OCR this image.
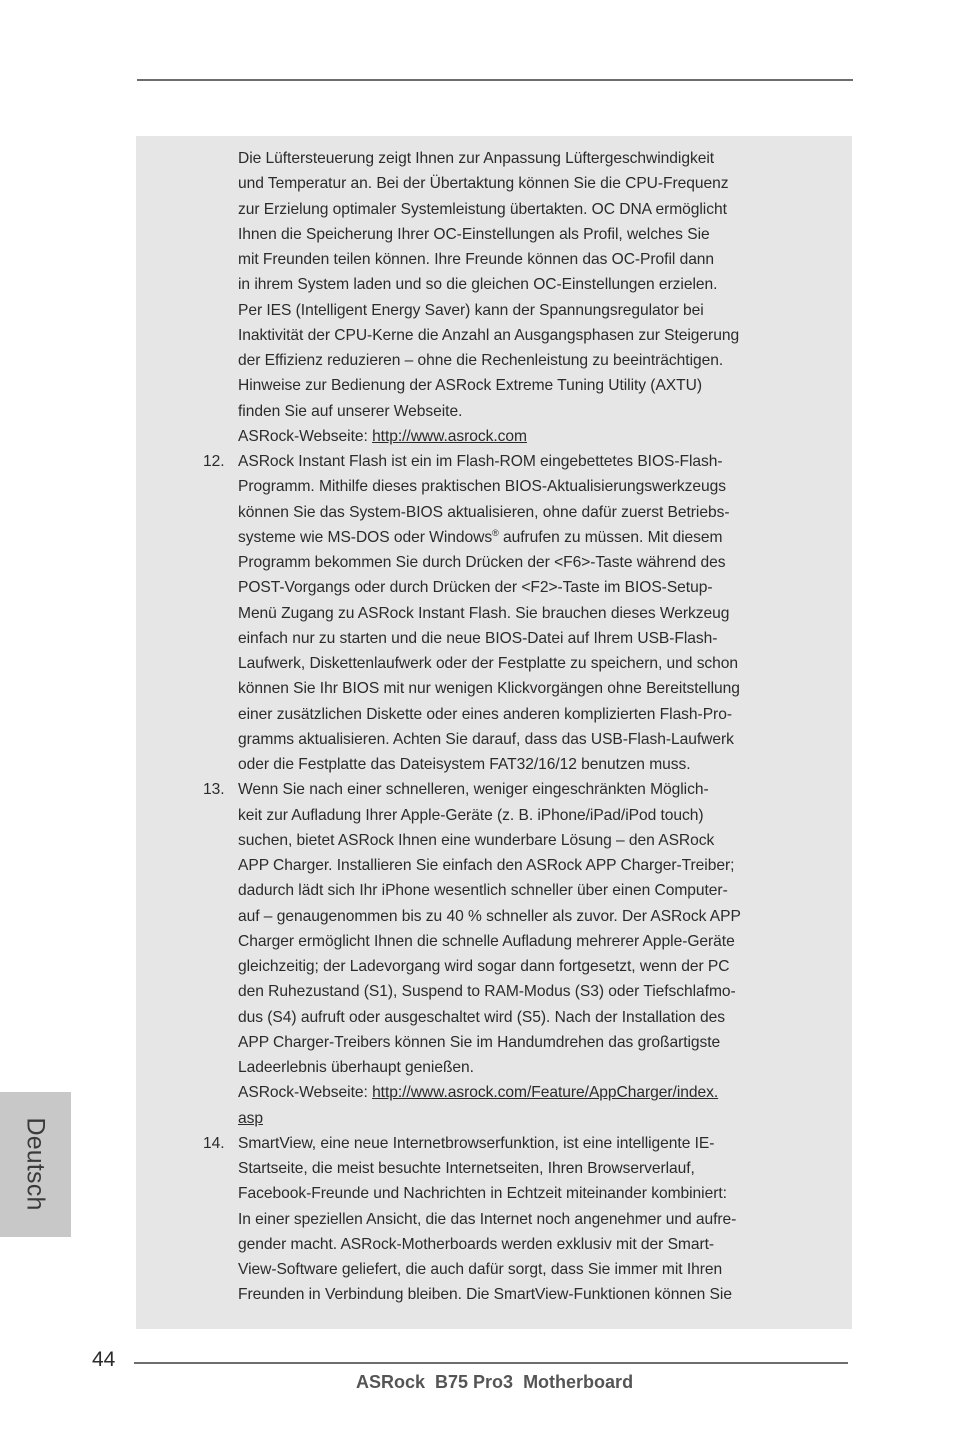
Die Lüftersteuerung zeigt Ihnen zur Anpassung Lüftergeschwindigkeit
und Temperatur an. Bei der Übertaktung können Sie die CPU-Frequenz
zur Erzielung optimaler Systemleistung übertakten. OC DNA ermöglicht
Ihnen die Speicherung Ihrer OC-Einstellungen als Profil, welches Sie
mit Freunden teilen können. Ihre Freunde können das OC-Profil dann
in ihrem System laden und so die gleichen OC-Einstellungen erzielen.
Per IES (Intelligent Energy Saver) kann der Spannungsregulator bei
Inaktivität der CPU-Kerne die Anzahl an Ausgangsphasen zur Steigerung
der Effizienz reduzieren – ohne die Rechenleistung zu beeinträchtigen.
Hinweise zur Bedienung der ASRock Extreme Tuning Utility (AXTU)
finden Sie auf unserer Webseite.
ASRock-Webseite: http://www.asrock.com
12. ASRock Instant Flash ist ein im Flash-ROM eingebettetes BIOS-Flash-
Programm. Mithilfe dieses praktischen BIOS-Aktualisierungswerkzeugs
können Sie das System-BIOS aktualisieren, ohne dafür zuerst Betriebs-
systeme wie MS-DOS oder Windows® aufrufen zu müssen. Mit diesem
Programm bekommen Sie durch Drücken der <F6>-Taste während des
POST-Vorgangs oder durch Drücken der <F2>-Taste im BIOS-Setup-
Menü Zugang zu ASRock Instant Flash. Sie brauchen dieses Werkzeug
einfach nur zu starten und die neue BIOS-Datei auf Ihrem USB-Flash-
Laufwerk, Diskettenlaufwerk oder der Festplatte zu speichern, und schon
können Sie Ihr BIOS mit nur wenigen Klickvorgängen ohne Bereitstellung
einer zusätzlichen Diskette oder eines anderen komplizierten Flash-Pro-
gramms aktualisieren. Achten Sie darauf, dass das USB-Flash-Laufwerk
oder die Festplatte das Dateisystem FAT32/16/12 benutzen muss.
13. Wenn Sie nach einer schnelleren, weniger eingeschränkten Möglich-
keit zur Aufladung Ihrer Apple-Geräte (z. B. iPhone/iPad/iPod touch)
suchen, bietet ASRock Ihnen eine wunderbare Lösung – den ASRock
APP Charger. Installieren Sie einfach den ASRock APP Charger-Treiber;
dadurch lädt sich Ihr iPhone wesentlich schneller über einen Computer-
auf – genaugenommen bis zu 40 % schneller als zuvor. Der ASRock APP
Charger ermöglicht Ihnen die schnelle Aufladung mehrerer Apple-Geräte
gleichzeitig; der Ladevorgang wird sogar dann fortgesetzt, wenn der PC
den Ruhezustand (S1), Suspend to RAM-Modus (S3) oder Tiefschlafmo-
dus (S4) aufruft oder ausgeschaltet wird (S5). Nach der Installation des
APP Charger-Treibers können Sie im Handumdrehen das großartigste
Ladeerlebnis überhaupt genießen.
ASRock-Webseite: http://www.asrock.com/Feature/AppCharger/index.
asp
14. SmartView, eine neue Internetbrowserfunktion, ist eine intelligente IE-
Startseite, die meist besuchte Internetseiten, Ihren Browserverlauf,
Facebook-Freunde und Nachrichten in Echtzeit miteinander kombiniert:
In einer speziellen Ansicht, die das Internet noch angenehmer und aufre-
gender macht. ASRock-Motherboards werden exklusiv mit der Smart-
View-Software geliefert, die auch dafür sorgt, dass Sie immer mit Ihren
Freunden in Verbindung bleiben. Die SmartView-Funktionen können Sie
Deutsch
44
ASRock  B75 Pro3  Motherboard
